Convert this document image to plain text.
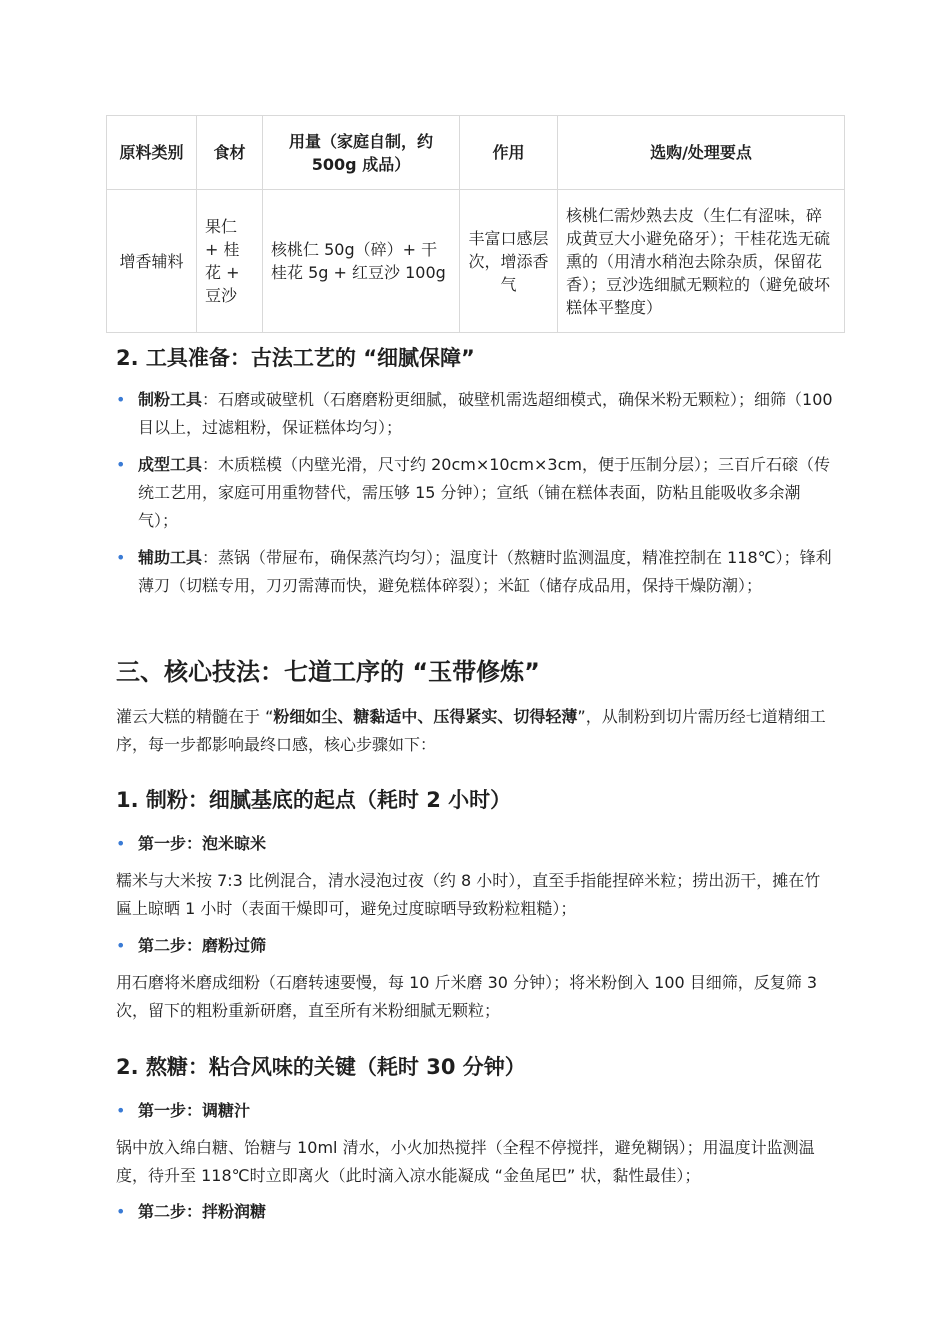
原料类别	食材	用量（家庭自制，约 500g 成品）	作用	选购/处理要点
增香辅料	果仁 + 桂花 + 豆沙	核桃仁 50g（碎）+ 干桂花 5g + 红豆沙 100g	丰富口感层次，增添香气	核桃仁需炒熟去皮（生仁有涩味，碎成黄豆大小避免硌牙）；干桂花选无硫熏的（用清水稍泡去除杂质，保留花香）；豆沙选细腻无颗粒的（避免破坏糕体平整度）
2. 工具准备：古法工艺的 “细腻保障”
• 制粉工具：石磨或破壁机（石磨磨粉更细腻，破壁机需选超细模式，确保米粉无颗粒）；细筛（100 目以上，过滤粗粉，保证糕体均匀）；
• 成型工具：木质糕模（内壁光滑，尺寸约 20cm×10cm×3cm，便于压制分层）；三百斤石磙（传统工艺用，家庭可用重物替代，需压够 15 分钟）；宣纸（铺在糕体表面，防粘且能吸收多余潮气）；
• 辅助工具：蒸锅（带屉布，确保蒸汽均匀）；温度计（熬糖时监测温度，精准控制在 118℃）；锋利薄刀（切糕专用，刀刃需薄而快，避免糕体碎裂）；米缸（储存成品用，保持干燥防潮）；
三、核心技法：七道工序的 “玉带修炼”
灌云大糕的精髓在于 “粉细如尘、糖黏适中、压得紧实、切得轻薄”，从制粉到切片需历经七道精细工序，每一步都影响最终口感，核心步骤如下：
1. 制粉：细腻基底的起点（耗时 2 小时）
• 第一步：泡米晾米
糯米与大米按 7:3 比例混合，清水浸泡过夜（约 8 小时），直至手指能捏碎米粒；捞出沥干，摊在竹匾上晾晒 1 小时（表面干燥即可，避免过度晾晒导致粉粒粗糙）；
• 第二步：磨粉过筛
用石磨将米磨成细粉（石磨转速要慢，每 10 斤米磨 30 分钟）；将米粉倒入 100 目细筛，反复筛 3 次，留下的粗粉重新研磨，直至所有米粉细腻无颗粒；
2. 熬糖：粘合风味的关键（耗时 30 分钟）
• 第一步：调糖汁
锅中放入绵白糖、饴糖与 10ml 清水，小火加热搅拌（全程不停搅拌，避免糊锅）；用温度计监测温度，待升至 118℃时立即离火（此时滴入凉水能凝成 “金鱼尾巴” 状，黏性最佳）；
• 第二步：拌粉润糖
